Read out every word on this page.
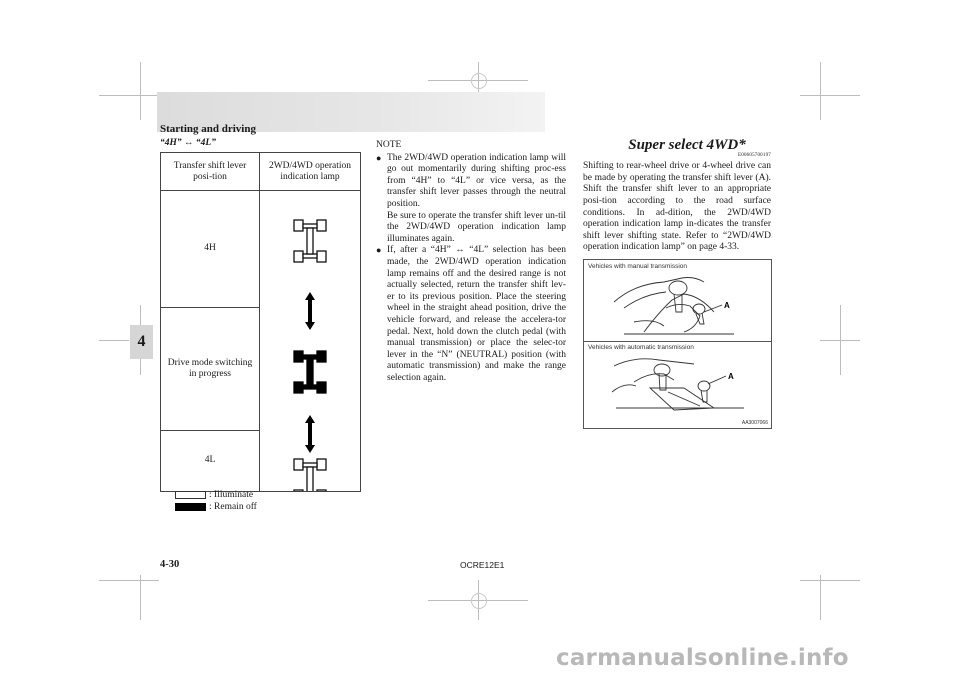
Starting and driving
4
“4H” ↔ “4L”
Transfer shift lever posi-tion	2WD/4WD operation indication lamp
4H	

Drive mode switching in progress	
4L	
: Illuminate
: Remain off
NOTE
● The 2WD/4WD operation indication lamp will go out momentarily during shifting proc-ess from “4H” to “4L” or vice versa, as the transfer shift lever passes through the neutral position.

Be sure to operate the transfer shift lever un-til the 2WD/4WD operation indication lamp illuminates again.

● If, after a “4H” ↔ “4L” selection has been made, the 2WD/4WD operation indication lamp remains off and the desired range is not actually selected, return the transfer shift lev-er to its previous position. Place the steering wheel in the straight ahead position, drive the vehicle forward, and release the accelera-tor pedal. Next, hold down the clutch pedal (with manual transmission) or place the selec-tor lever in the “N” (NEUTRAL) position (with automatic transmission) and make the range selection again.

Super select 4WD*
E00605700197

Shifting to rear-wheel drive or 4-wheel drive can be made by operating the transfer shift lever (A). Shift the transfer shift lever to an appropriate posi-tion according to the road surface conditions. In ad-dition, the 2WD/4WD operation indication lamp in-dicates the transfer shift lever shifting state. Refer to “2WD/4WD operation indication lamp” on page 4-33.

Vehicles with manual transmission
Vehicles with automatic transmission
A
A
AA3007066
4-30	OCRE12E1
carmanualsonline.info
